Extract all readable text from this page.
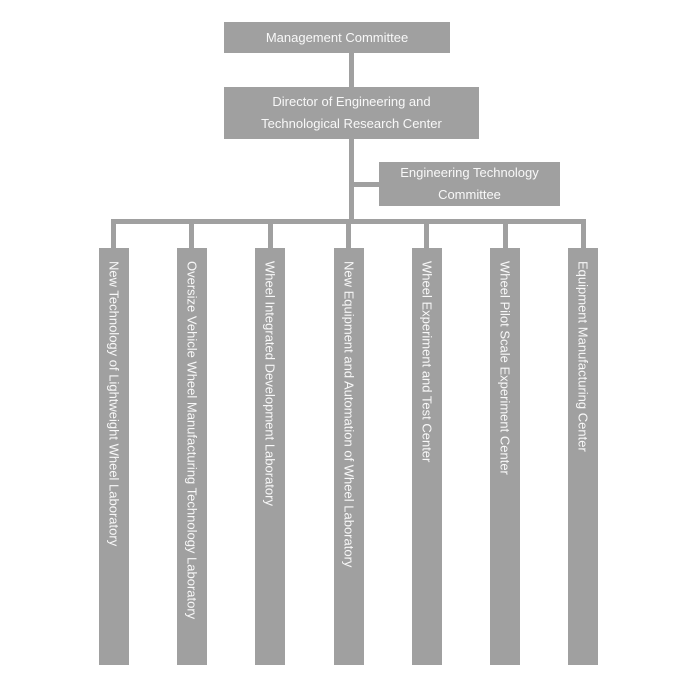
Management Committee
Director of Engineering and
Technological Research Center
Engineering Technology
Committee
New Technology of Lightweight Wheel Laboratory	Oversize Vehicle Wheel Manufacturing Technology Laboratory	Wheel Integrated Development Laboratory	New Equipment and Automation of Wheel Laboratory	Wheel Experiment and Test Center	Wheel Pilot Scale Experiment Center	Equipment Manufacturing Center
